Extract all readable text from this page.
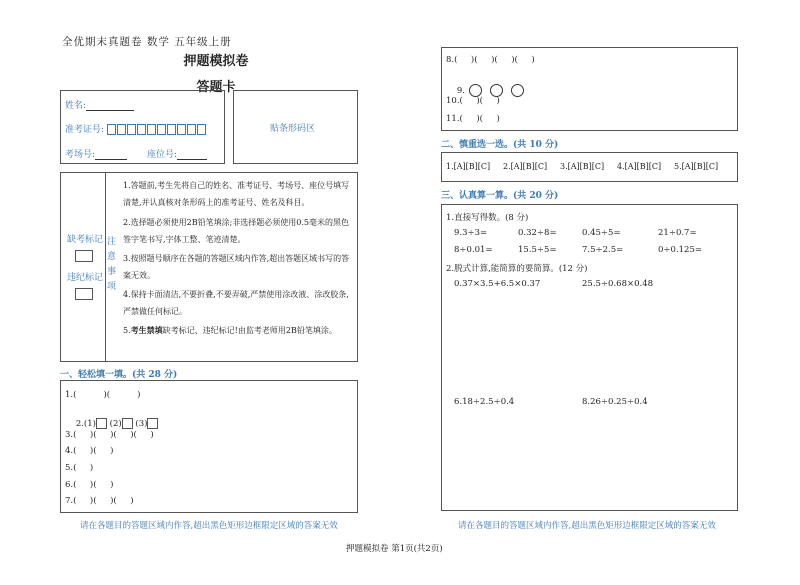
全优期末真题卷 数学 五年级上册
押题模拟卷
答题卡
姓名:
准考证号:
考场号:	座位号:
贴条形码区
缺考标记
违纪标记
注意事项
1.答题前,考生先将自己的姓名、准考证号、考场号、座位号填写清楚,并认真核对条形码上的准考证号、姓名及科目。
2.选择题必须使用2B铅笔填涂;非选择题必须使用0.5毫米的黑色签字笔书写,字体工整、笔迹清楚。
3.按照题号顺序在各题的答题区域内作答,超出答题区域书写的答案无效。
4.保持卡面清洁,不要折叠,不要弄破,严禁使用涂改液、涂改胶条,严禁做任何标记。
5.考生禁填缺考标记、违纪标记!由监考老师用2B铅笔填涂。
一、轻松填一填。(共 28 分)
1.(          )(          )

2.(1) (2) (3)

3.(     )(     )(     )(     )
4.(     )(     )
5.(     )
6.(     )(     )
7.(     )(     )(     )
请在各题目的答题区域内作答,超出黑色矩形边框限定区域的答案无效
8.(     )(     )(     )(     )

9.

10.(     )(     )
11.(     )(     )
二、慎重选一选。(共 10 分)
1.[A][B][C] 2.[A][B][C] 3.[A][B][C] 4.[A][B][C] 5.[A][B][C]
三、认真算一算。(共 20 分)
1.直接写得数。(8 分)
9.3÷3=	0.32÷8=	0.45÷5=	21÷0.7=
8÷0.01=	15.5÷5=	7.5÷2.5=	0÷0.125=
2.脱式计算,能简算的要简算。(12 分)
0.37×3.5+6.5×0.37	25.5÷0.68×0.48
6.18÷2.5÷0.4	8.26÷0.25÷0.4
请在各题目的答题区域内作答,超出黑色矩形边框限定区域的答案无效
押题模拟卷 第1页(共2页)
